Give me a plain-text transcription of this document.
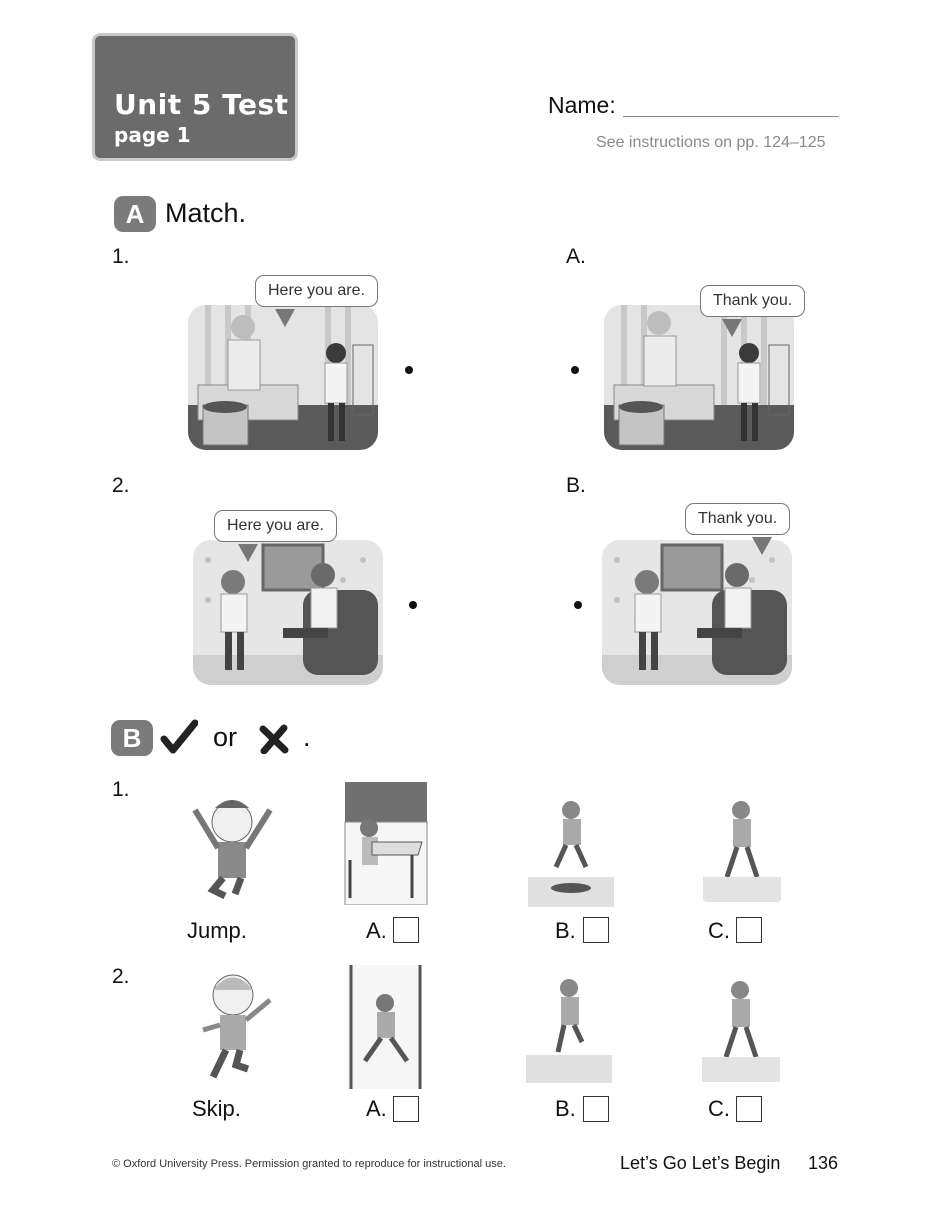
Unit 5 Test
page 1
Name:
See instructions on pp. 124–125
A Match.
1.	A.
2.	B.
Here you are.
Thank you.
Here you are.	Thank you.
B	or .
1.
Jump.	A.	B.	C.
2.
Skip.	A.	B.	C.
© Oxford University Press. Permission granted to reproduce for instructional use.	Let’s Go Let’s Begin 136
